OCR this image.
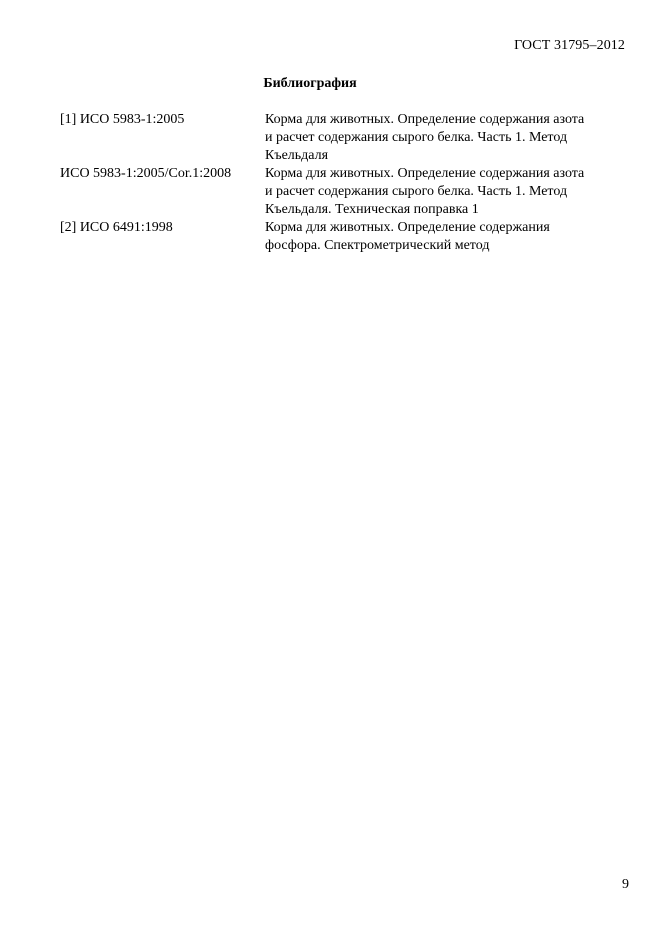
ГОСТ 31795–2012
Библиография
[1] ИСО 5983-1:2005	Корма для животных. Определение содержания азота
и расчет содержания сырого белка. Часть 1. Метод
Къельдаля
ИСО 5983-1:2005/Cor.1:2008	Корма для животных. Определение содержания азота
и расчет содержания сырого белка. Часть 1. Метод
Къельдаля. Техническая поправка 1
[2] ИСО 6491:1998	Корма для животных. Определение содержания
фосфора. Спектрометрический метод
9
